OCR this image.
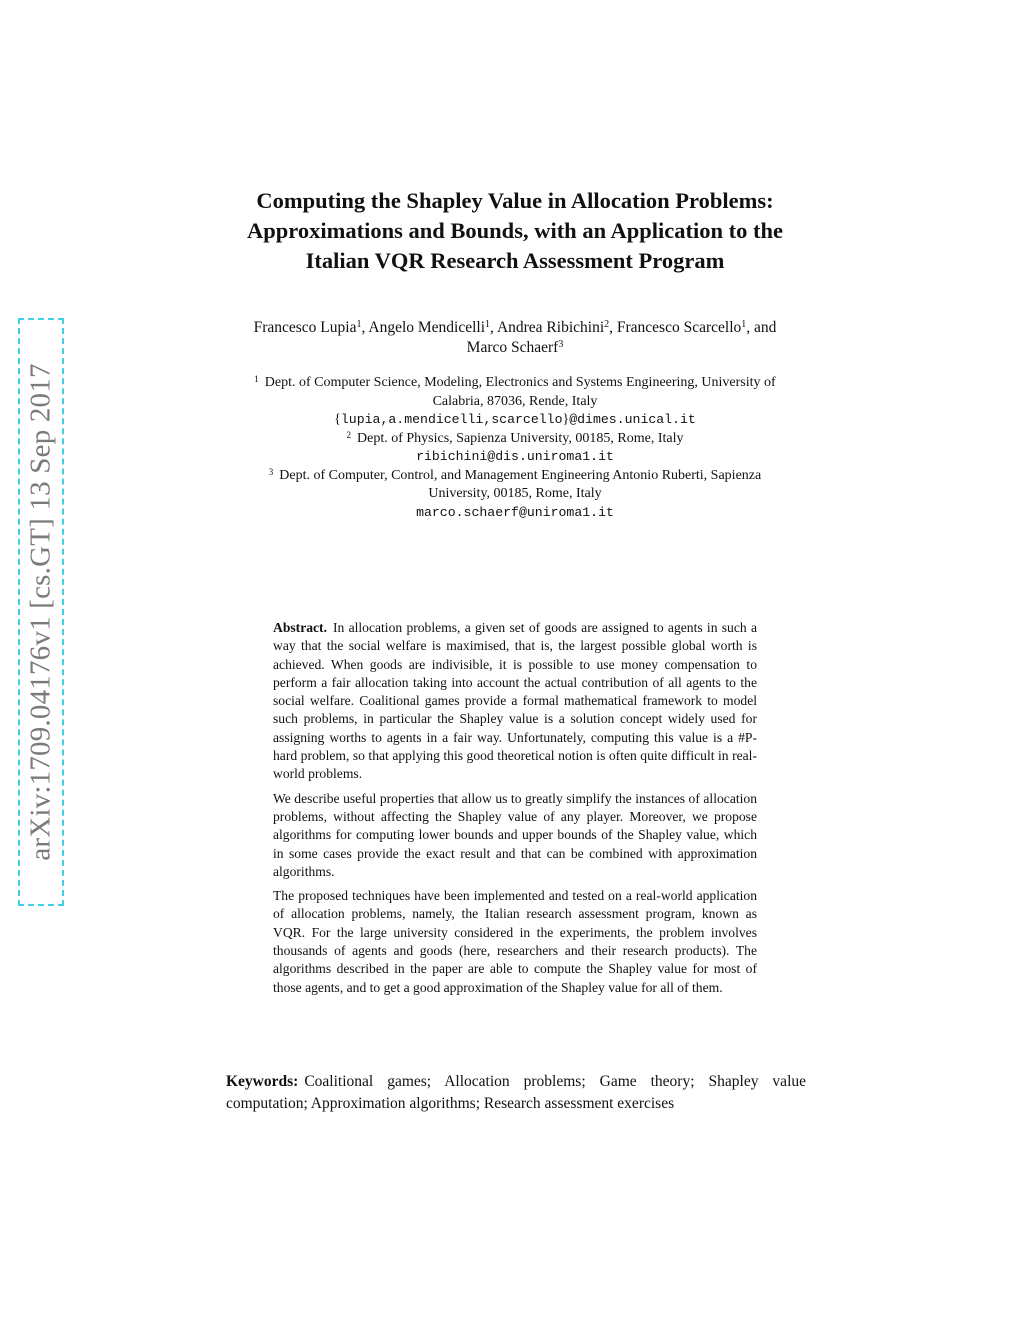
arXiv:1709.04176v1 [cs.GT] 13 Sep 2017
Computing the Shapley Value in Allocation Problems:
Approximations and Bounds, with an Application to the
Italian VQR Research Assessment Program
Francesco Lupia$^1$, Angelo Mendicelli$^1$, Andrea Ribichini$^2$, Francesco Scarcello$^1$, and
Marco Schaerf$^3$
$^1$ Dept. of Computer Science, Modeling, Electronics and Systems Engineering, University of
Calabria, 87036, Rende, Italy
{lupia,a.mendicelli,scarcello}@dimes.unical.it
$^2$ Dept. of Physics, Sapienza University, 00185, Rome, Italy
ribichini@dis.uniroma1.it
$^3$ Dept. of Computer, Control, and Management Engineering Antonio Ruberti, Sapienza
University, 00185, Rome, Italy
marco.schaerf@uniroma1.it

Abstract. In allocation problems, a given set of goods are assigned to agents in such a way that the social welfare is maximised, that is, the largest possible global worth is achieved. When goods are indivisible, it is possible to use money compensation to perform a fair allocation taking into account the actual contribution of all agents to the social welfare. Coalitional games provide a formal mathematical framework to model such problems, in particular the Shapley value is a solution concept widely used for assigning worths to agents in a fair way. Unfortunately, computing this value is a #P-hard problem, so that applying this good theoretical notion is often quite difficult in real-world problems.

We describe useful properties that allow us to greatly simplify the instances of allocation problems, without affecting the Shapley value of any player. Moreover, we propose algorithms for computing lower bounds and upper bounds of the Shapley value, which in some cases provide the exact result and that can be combined with approximation algorithms.

The proposed techniques have been implemented and tested on a real-world application of allocation problems, namely, the Italian research assessment program, known as VQR. For the large university considered in the experiments, the problem involves thousands of agents and goods (here, researchers and their research products). The algorithms described in the paper are able to compute the Shapley value for most of those agents, and to get a good approximation of the Shapley value for all of them.

Keywords: Coalitional games; Allocation problems; Game theory; Shapley value computation; Approximation algorithms; Research assessment exercises
